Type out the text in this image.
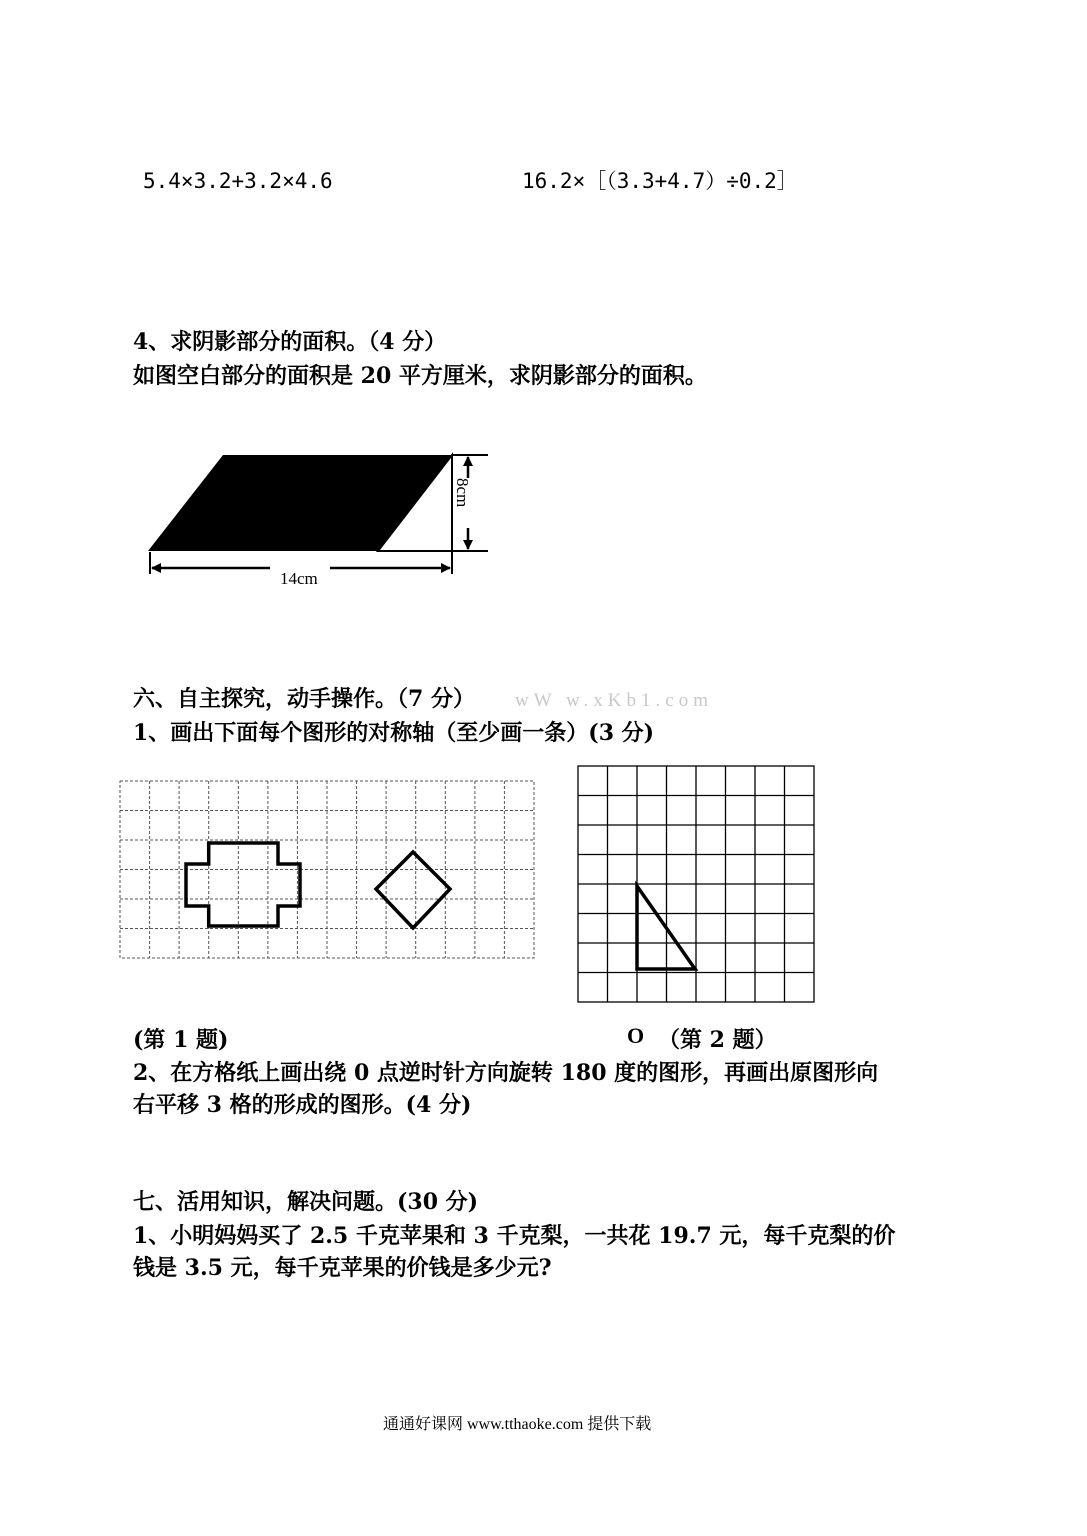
5.4×3.2+3.2×4.6	16.2×［（3.3+4.7）÷0.2］
4、求阴影部分的面积。（4 分）
如图空白部分的面积是 20 平方厘米，求阴影部分的面积。
8cm
14cm
六、自主探究，动手操作。（7 分） wW w.xKb1.com
1、画出下面每个图形的对称轴（至少画一条）(3 分)
(第 1 题)	O （第 2 题）
2、在方格纸上画出绕 0 点逆时针方向旋转 180 度的图形，再画出原图形向
右平移 3 格的形成的图形。(4 分)
七、活用知识，解决问题。(30 分)
1、小明妈妈买了 2.5 千克苹果和 3 千克梨，一共花 19.7 元，每千克梨的价
钱是 3.5 元，每千克苹果的价钱是多少元?
通通好课网 www.tthaoke.com 提供下载
